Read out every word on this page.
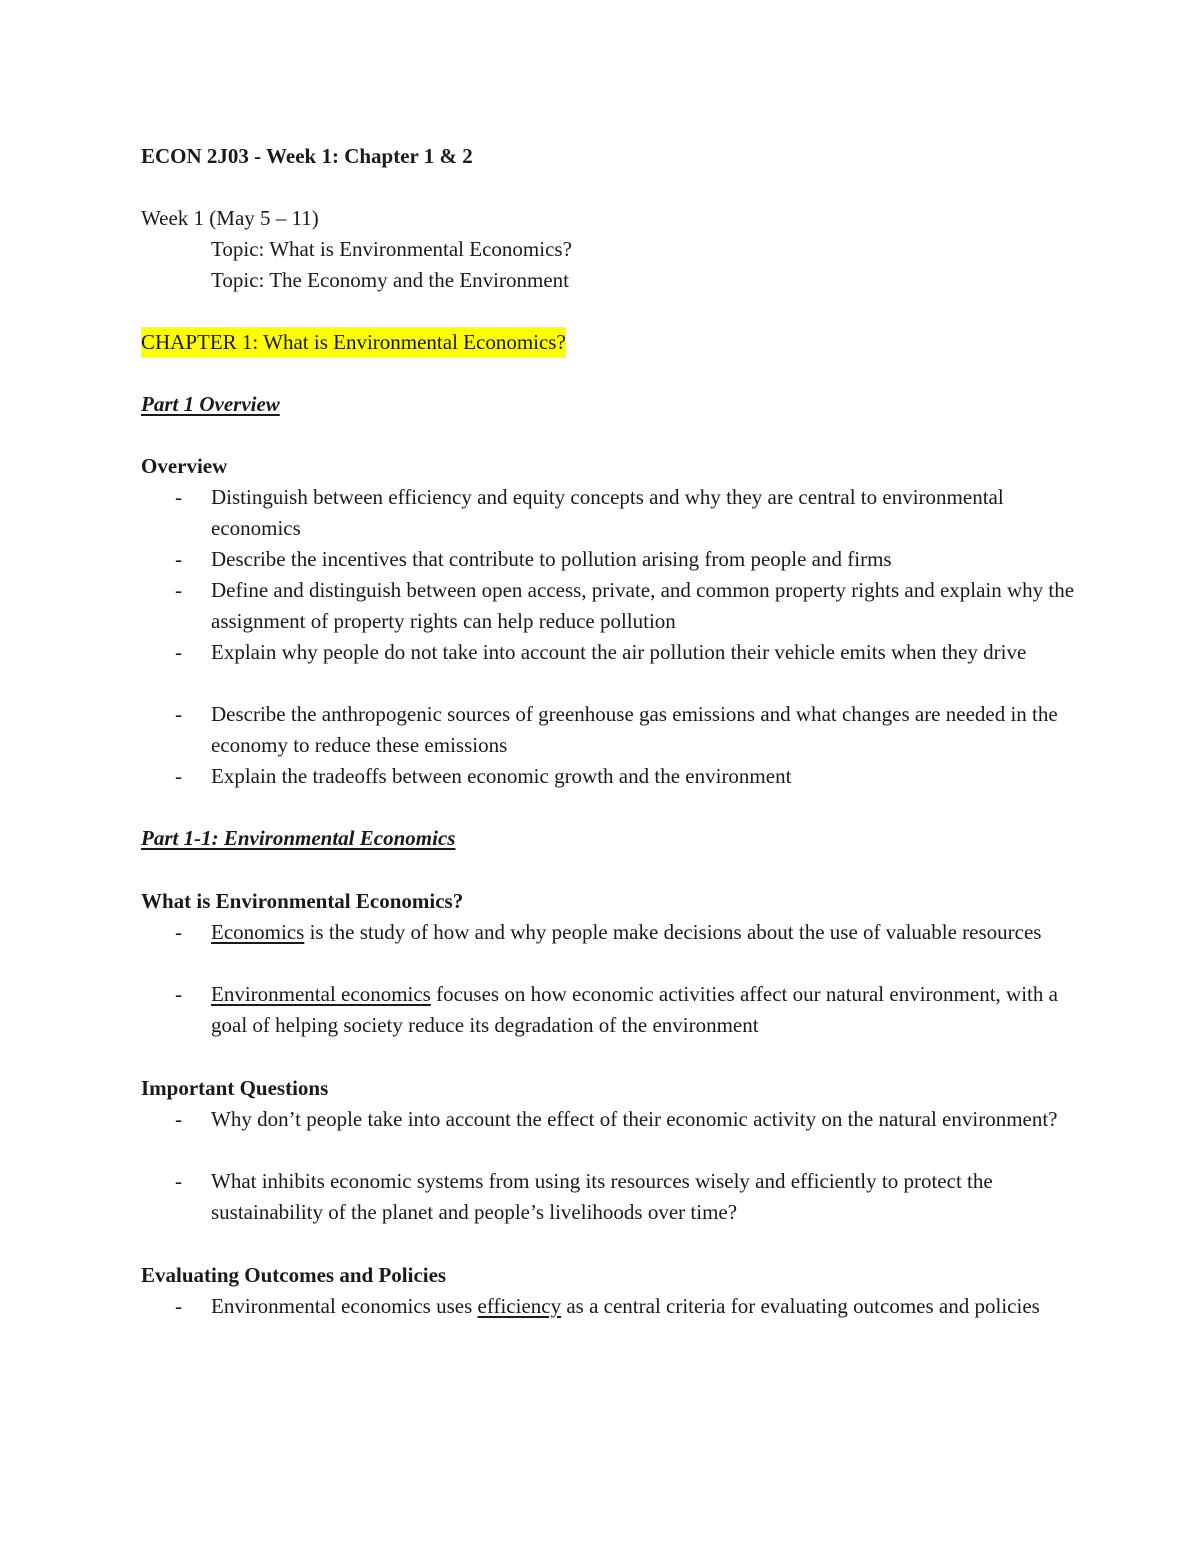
ECON 2J03 - Week 1: Chapter 1 & 2

Week 1 (May 5 – 11)

Topic: What is Environmental Economics?

Topic: The Economy and the Environment

CHAPTER 1: What is Environmental Economics?

Part 1 Overview

Overview

- Distinguish between efficiency and equity concepts and why they are central to environmental economics

- Describe the incentives that contribute to pollution arising from people and firms

- Define and distinguish between open access, private, and common property rights and explain why the assignment of property rights can help reduce pollution

- Explain why people do not take into account the air pollution their vehicle emits when they drive

- Describe the anthropogenic sources of greenhouse gas emissions and what changes are needed in the economy to reduce these emissions

- Explain the tradeoffs between economic growth and the environment

Part 1-1: Environmental Economics

What is Environmental Economics?

- Economics is the study of how and why people make decisions about the use of valuable resources

- Environmental economics focuses on how economic activities affect our natural environment, with a goal of helping society reduce its degradation of the environment

Important Questions

- Why don’t people take into account the effect of their economic activity on the natural environment?

- What inhibits economic systems from using its resources wisely and efficiently to protect the sustainability of the planet and people’s livelihoods over time?

Evaluating Outcomes and Policies

- Environmental economics uses efficiency as a central criteria for evaluating outcomes and policies
